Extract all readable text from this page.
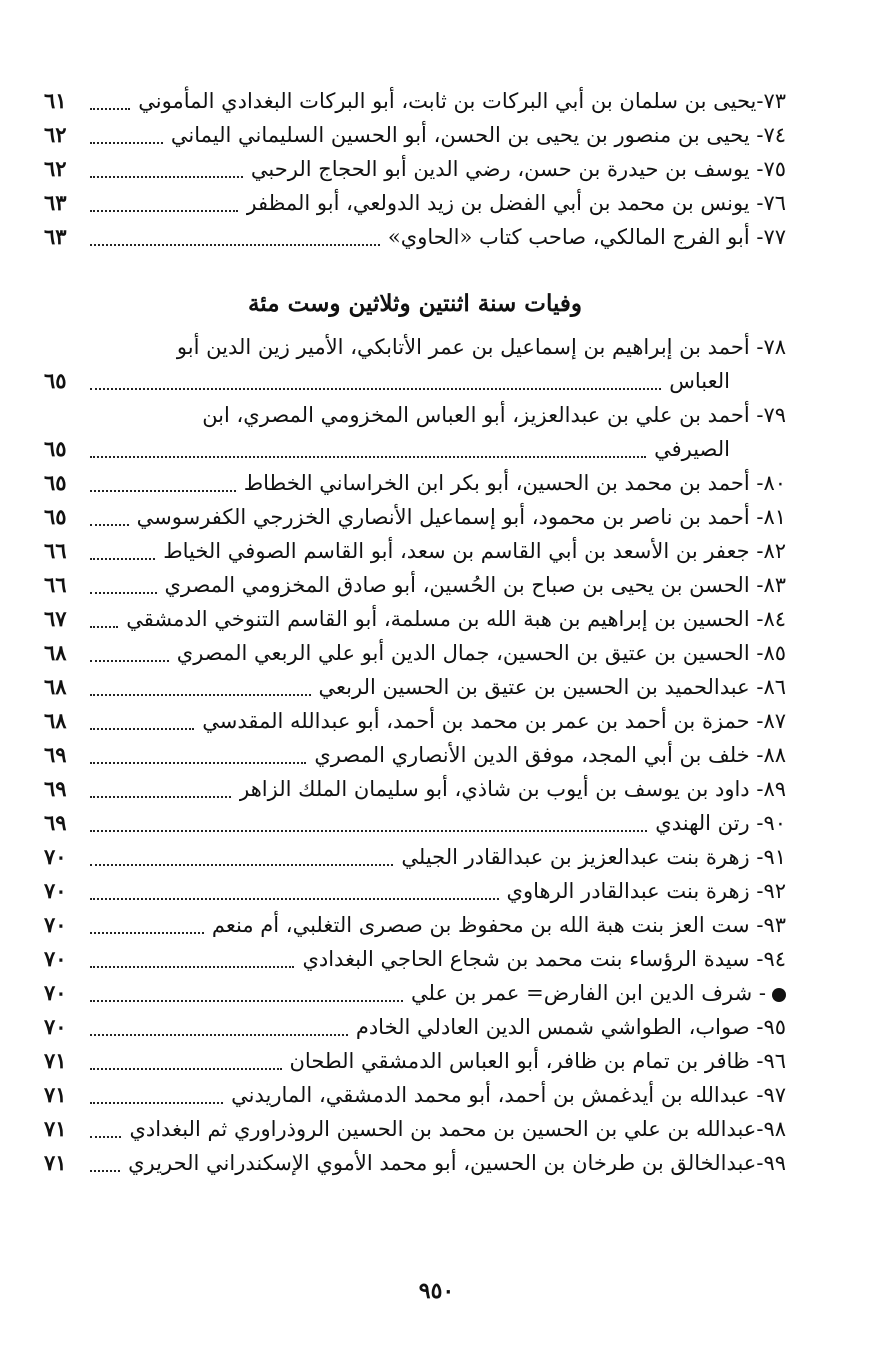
٧٣-يحيى بن سلمان بن أبي البركات بن ثابت، أبو البركات البغدادي المأموني
٦١
٧٤- يحيى بن منصور بن يحيى بن الحسن، أبو الحسين السليماني اليماني
٦٢
٧٥- يوسف بن حيدرة بن حسن، رضي الدين أبو الحجاج الرحبي
٦٢
٧٦- يونس بن محمد بن أبي الفضل بن زيد الدولعي، أبو المظفر
٦٣
٧٧- أبو الفرج المالكي، صاحب كتاب «الحاوي»
٦٣
وفيات سنة اثنتين وثلاثين وست مئة
٧٨- أحمد بن إبراهيم بن إسماعيل بن عمر الأتابكي، الأمير زين الدين أبو
العباس
٦٥
٧٩- أحمد بن علي بن عبدالعزيز، أبو العباس المخزومي المصري، ابن
الصيرفي
٦٥
٨٠- أحمد بن محمد بن الحسين، أبو بكر ابن الخراساني الخطاط
٦٥
٨١- أحمد بن ناصر بن محمود، أبو إسماعيل الأنصاري الخزرجي الكفرسوسي
٦٥
٨٢- جعفر بن الأسعد بن أبي القاسم بن سعد، أبو القاسم الصوفي الخياط
٦٦
٨٣- الحسن بن يحيى بن صباح بن الحُسين، أبو صادق المخزومي المصري
٦٦
٨٤- الحسين بن إبراهيم بن هبة الله بن مسلمة، أبو القاسم التنوخي الدمشقي
٦٧
٨٥- الحسين بن عتيق بن الحسين، جمال الدين أبو علي الربعي المصري
٦٨
٨٦- عبدالحميد بن الحسين بن عتيق بن الحسين الربعي
٦٨
٨٧- حمزة بن أحمد بن عمر بن محمد بن أحمد، أبو عبدالله المقدسي
٦٨
٨٨- خلف بن أبي المجد، موفق الدين الأنصاري المصري
٦٩
٨٩- داود بن يوسف بن أيوب بن شاذي، أبو سليمان الملك الزاهر
٦٩
٩٠- رتن الهندي
٦٩
٩١- زهرة بنت عبدالعزيز بن عبدالقادر الجيلي
٧٠
٩٢- زهرة بنت عبدالقادر الرهاوي
٧٠
٩٣- ست العز بنت هبة الله بن محفوظ بن صصرى التغلبي، أم منعم
٧٠
٩٤- سيدة الرؤساء بنت محمد بن شجاع الحاجي البغدادي
٧٠
- شرف الدين ابن الفارض= عمر بن علي
٧٠
٩٥- صواب، الطواشي شمس الدين العادلي الخادم
٧٠
٩٦- ظافر بن تمام بن ظافر، أبو العباس الدمشقي الطحان
٧١
٩٧- عبدالله بن أيدغمش بن أحمد، أبو محمد الدمشقي، الماريدني
٧١
٩٨-عبدالله بن علي بن الحسين بن محمد بن الحسين الروذراوري ثم البغدادي
٧١
٩٩-عبدالخالق بن طرخان بن الحسين، أبو محمد الأموي الإسكندراني الحريري
٧١
٩٥٠
